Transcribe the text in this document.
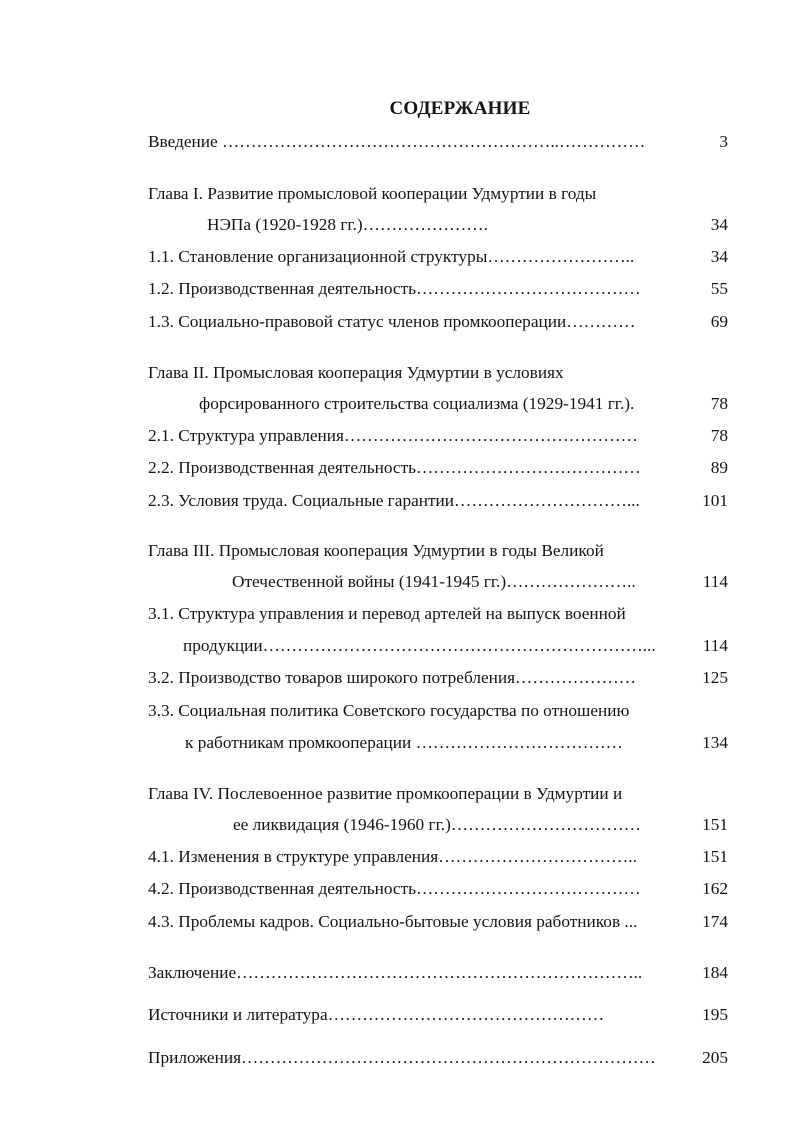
СОДЕРЖАНИЕ
Введение …………………………………………………..……………	3
Глава I. Развитие промысловой кооперации Удмуртии в годы
НЭПа (1920-1928 гг.)………………….	34
1.1. Становление организационной структуры……………………..	34
1.2. Производственная деятельность…………………………………	55
1.3. Социально-правовой статус членов промкооперации…………	69
Глава II. Промысловая кооперация Удмуртии в условиях
форсированного строительства социализма (1929-1941 гг.).	78
2.1. Структура управления……………………………………………	78
2.2. Производственная деятельность…………………………………	89
2.3. Условия труда. Социальные гарантии…………………………...	101
Глава III. Промысловая кооперация Удмуртии в годы Великой
Отечественной войны (1941-1945 гг.)…………………..	114
3.1. Структура управления и перевод артелей на выпуск военной
продукции…………………………………………………………...	114
3.2. Производство товаров широкого потребления…………………	125
3.3. Социальная политика Советского государства по отношению
к работникам промкооперации ………………………………	134
Глава IV. Послевоенное развитие промкооперации в Удмуртии и
ее ликвидация (1946-1960 гг.)……………………………	151
4.1. Изменения в структуре управления……………………………..	151
4.2. Производственная деятельность…………………………………	162
4.3. Проблемы кадров. Социально-бытовые условия работников ...	174
Заключение……………………………………………………………..	184
Источники и литература…………………………………………	195
Приложения………………………………………………………………	205
